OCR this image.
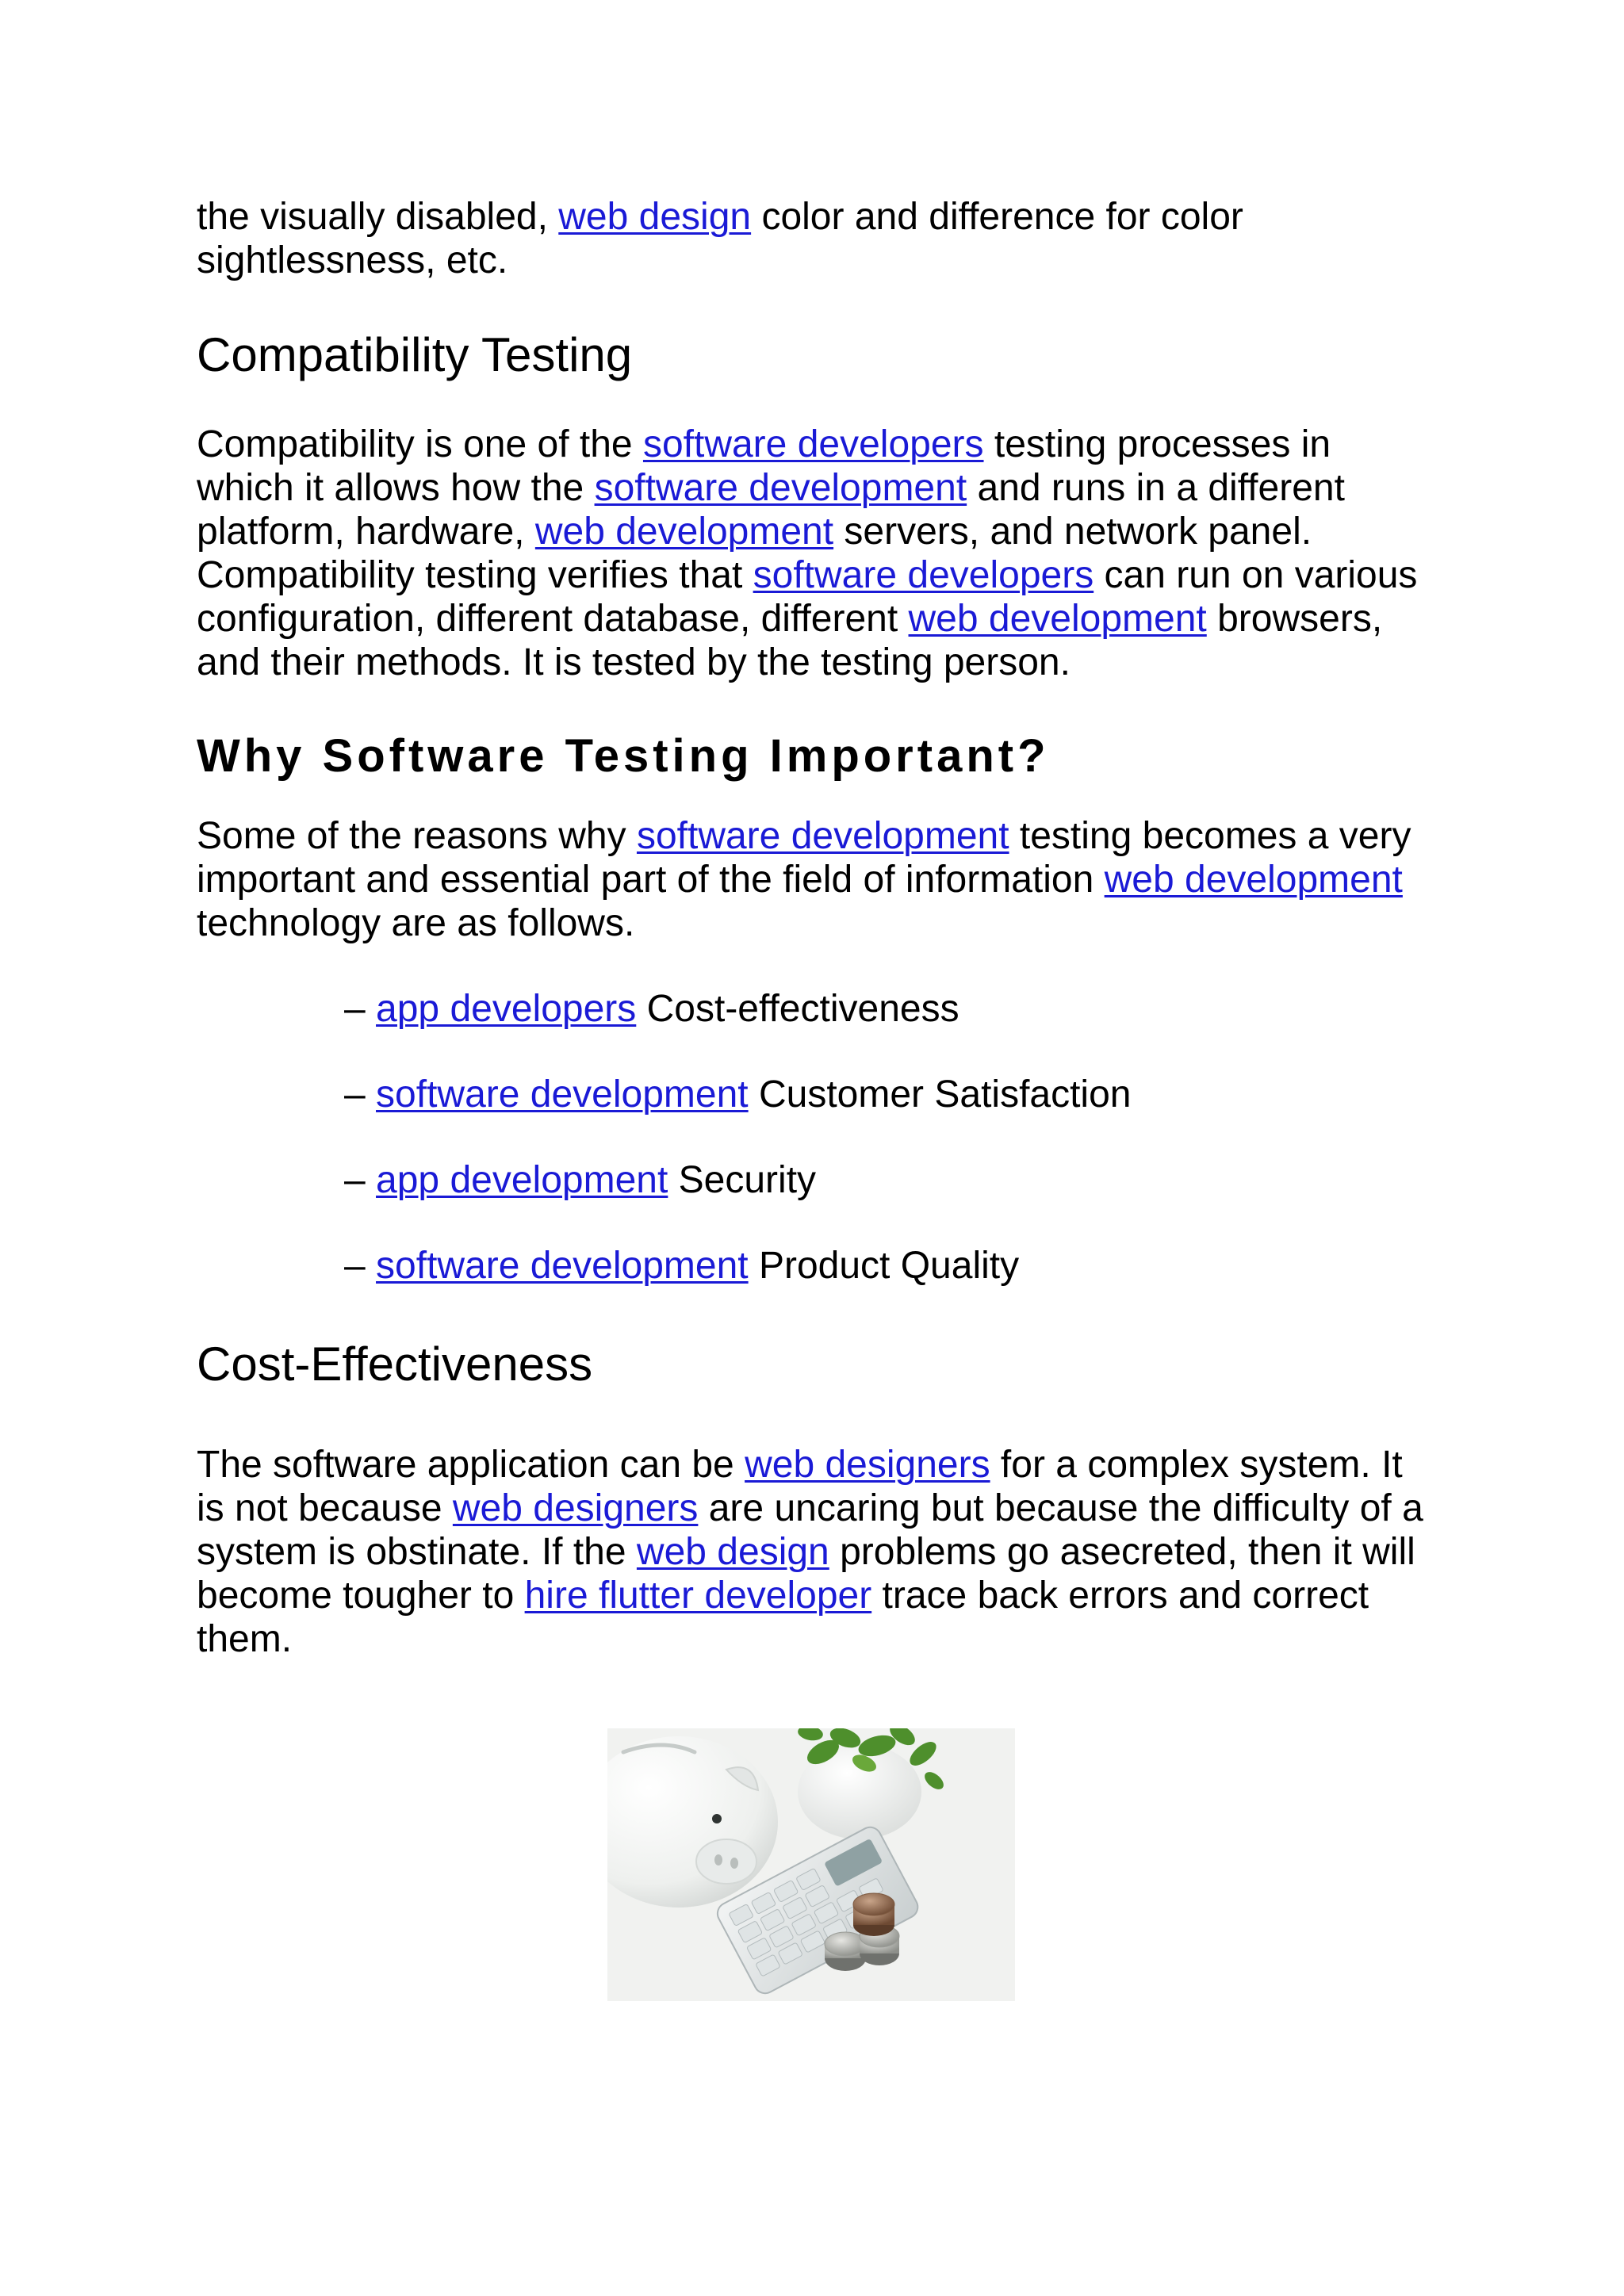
the visually disabled, web design color and difference for color sightlessness, etc.

Compatibility Testing

Compatibility is one of the software developers testing processes in which it allows how the software development and runs in a different platform, hardware, web development servers, and network panel. Compatibility testing verifies that software developers can run on various configuration, different database, different web development browsers, and their methods. It is tested by the testing person.

Why Software Testing Important?

Some of the reasons why software development testing becomes a very important and essential part of the field of information web development technology are as follows.

– app developers Cost-effectiveness
– software development Customer Satisfaction
– app development Security
– software development Product Quality
Cost-Effectiveness

The software application can be web designers for a complex system. It is not because web designers are uncaring but because the difficulty of a system is obstinate. If the web design problems go asecreted, then it will become tougher to hire flutter developer trace back errors and correct them.
